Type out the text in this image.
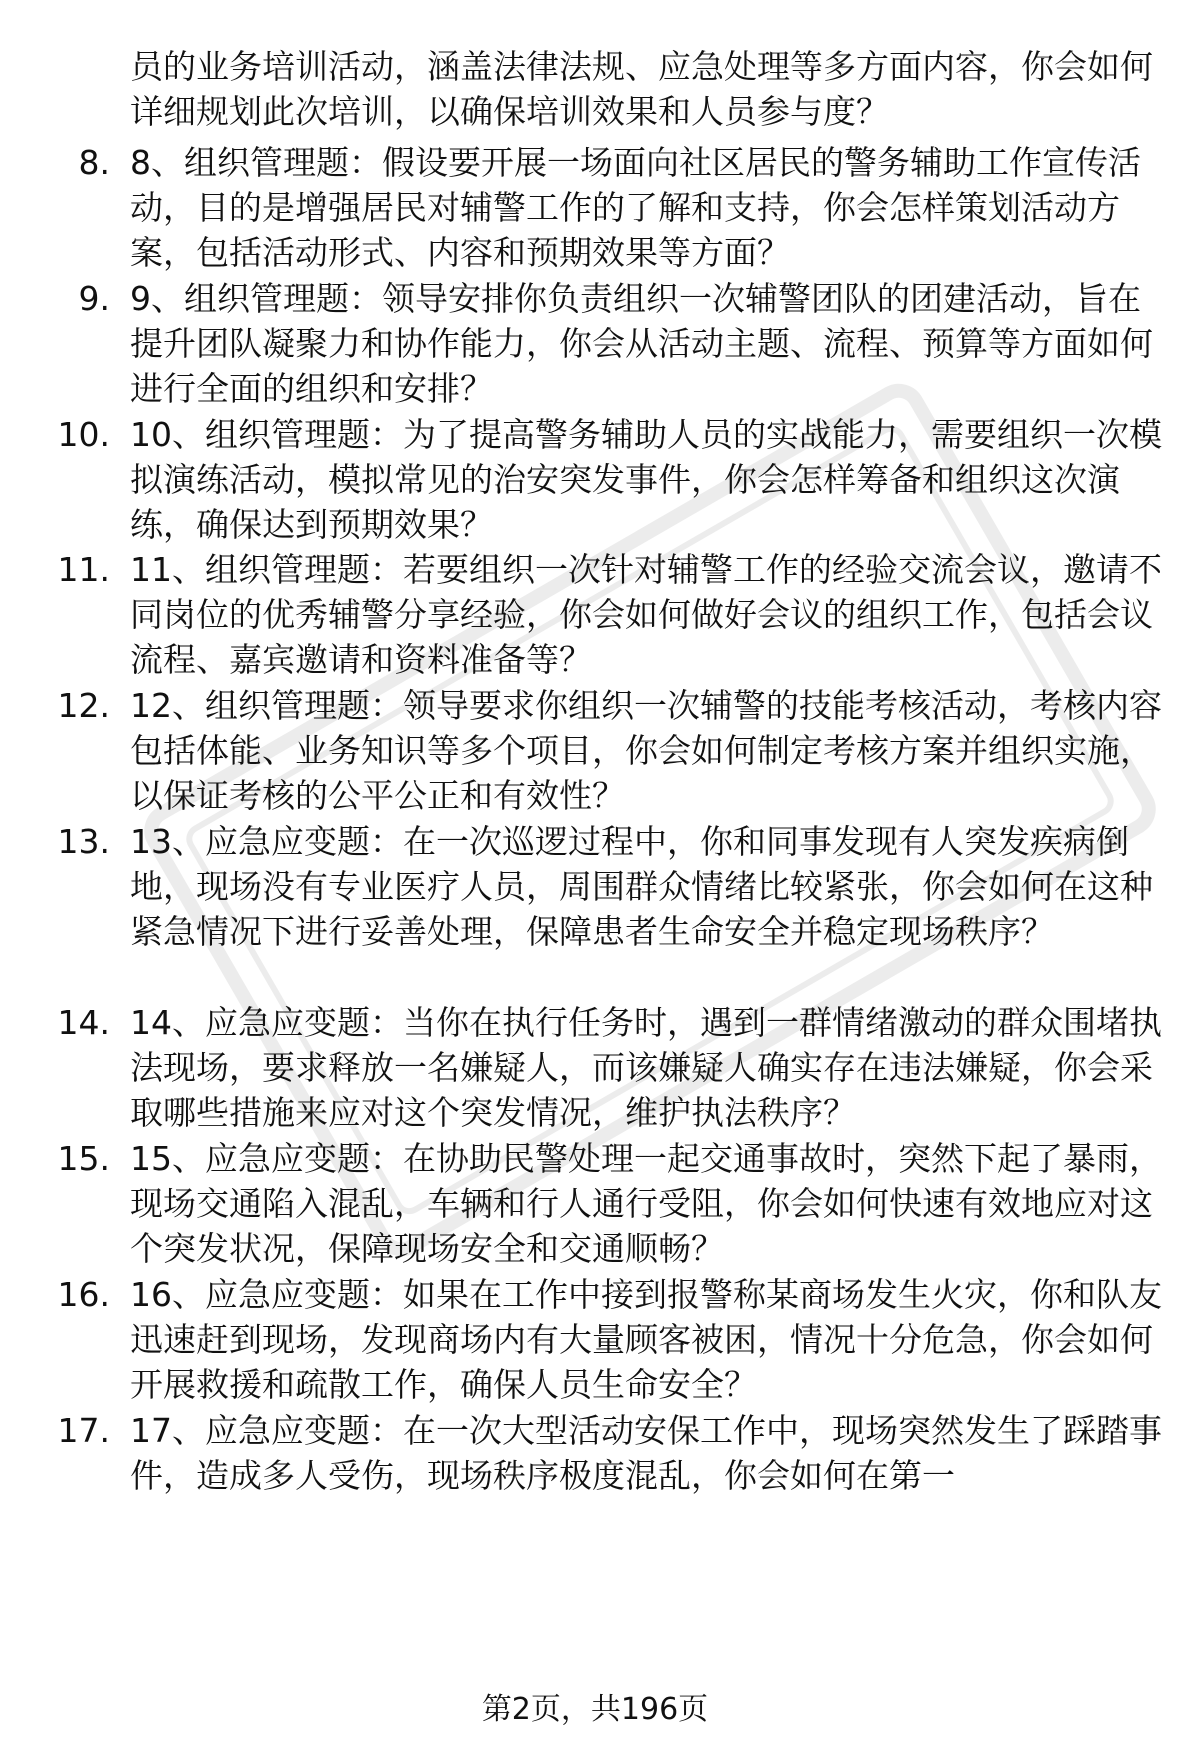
员的业务培训活动，涵盖法律法规、应急处理等多方面内容，你会如何详细规划此次培训，以确保培训效果和人员参与度？
8. 8、组织管理题：假设要开展一场面向社区居民的警务辅助工作宣传活动，目的是增强居民对辅警工作的了解和支持，你会怎样策划活动方案，包括活动形式、内容和预期效果等方面？
9. 9、组织管理题：领导安排你负责组织一次辅警团队的团建活动，旨在提升团队凝聚力和协作能力，你会从活动主题、流程、预算等方面如何进行全面的组织和安排？
10. 10、组织管理题：为了提高警务辅助人员的实战能力，需要组织一次模拟演练活动，模拟常见的治安突发事件，你会怎样筹备和组织这次演练，确保达到预期效果？
11. 11、组织管理题：若要组织一次针对辅警工作的经验交流会议，邀请不同岗位的优秀辅警分享经验，你会如何做好会议的组织工作，包括会议流程、嘉宾邀请和资料准备等？
12. 12、组织管理题：领导要求你组织一次辅警的技能考核活动，考核内容包括体能、业务知识等多个项目，你会如何制定考核方案并组织实施，以保证考核的公平公正和有效性？
13. 13、应急应变题：在一次巡逻过程中，你和同事发现有人突发疾病倒地，现场没有专业医疗人员，周围群众情绪比较紧张，你会如何在这种紧急情况下进行妥善处理，保障患者生命安全并稳定现场秩序？
14. 14、应急应变题：当你在执行任务时，遇到一群情绪激动的群众围堵执法现场，要求释放一名嫌疑人，而该嫌疑人确实存在违法嫌疑，你会采取哪些措施来应对这个突发情况，维护执法秩序？
15. 15、应急应变题：在协助民警处理一起交通事故时，突然下起了暴雨，现场交通陷入混乱，车辆和行人通行受阻，你会如何快速有效地应对这个突发状况，保障现场安全和交通顺畅？
16. 16、应急应变题：如果在工作中接到报警称某商场发生火灾，你和队友迅速赶到现场，发现商场内有大量顾客被困，情况十分危急，你会如何开展救援和疏散工作，确保人员生命安全？
17. 17、应急应变题：在一次大型活动安保工作中，现场突然发生了踩踏事件，造成多人受伤，现场秩序极度混乱，你会如何在第一
第2页，共196页
